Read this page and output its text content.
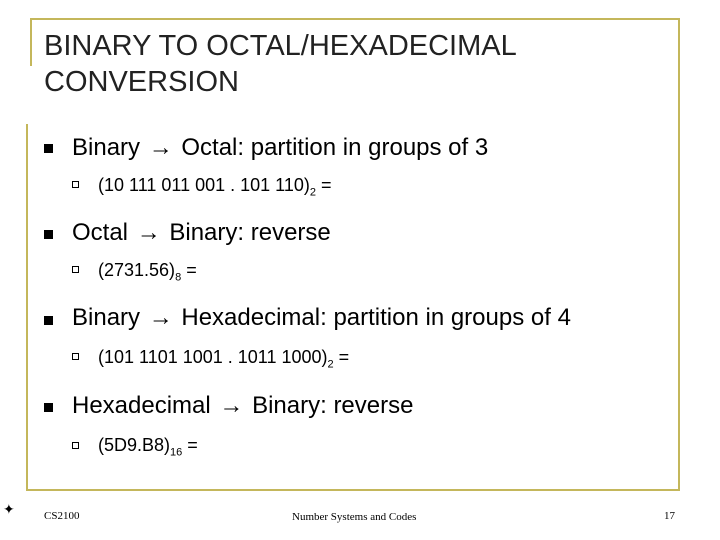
BINARY TO OCTAL/HEXADECIMAL
CONVERSION
Binary → Octal: partition in groups of 3
(10 111 011 001 . 101 $110)_2$ =
Octal → Binary: reverse
$(2731.56)_8$ =
Binary → Hexadecimal: partition in groups of 4
(101 1101 1001 . 1011 $1000)_2$ =
Hexadecimal → Binary: reverse
$(5D9.B8)_{16}$ =
✦	CS2100	Number Systems and Codes	17
